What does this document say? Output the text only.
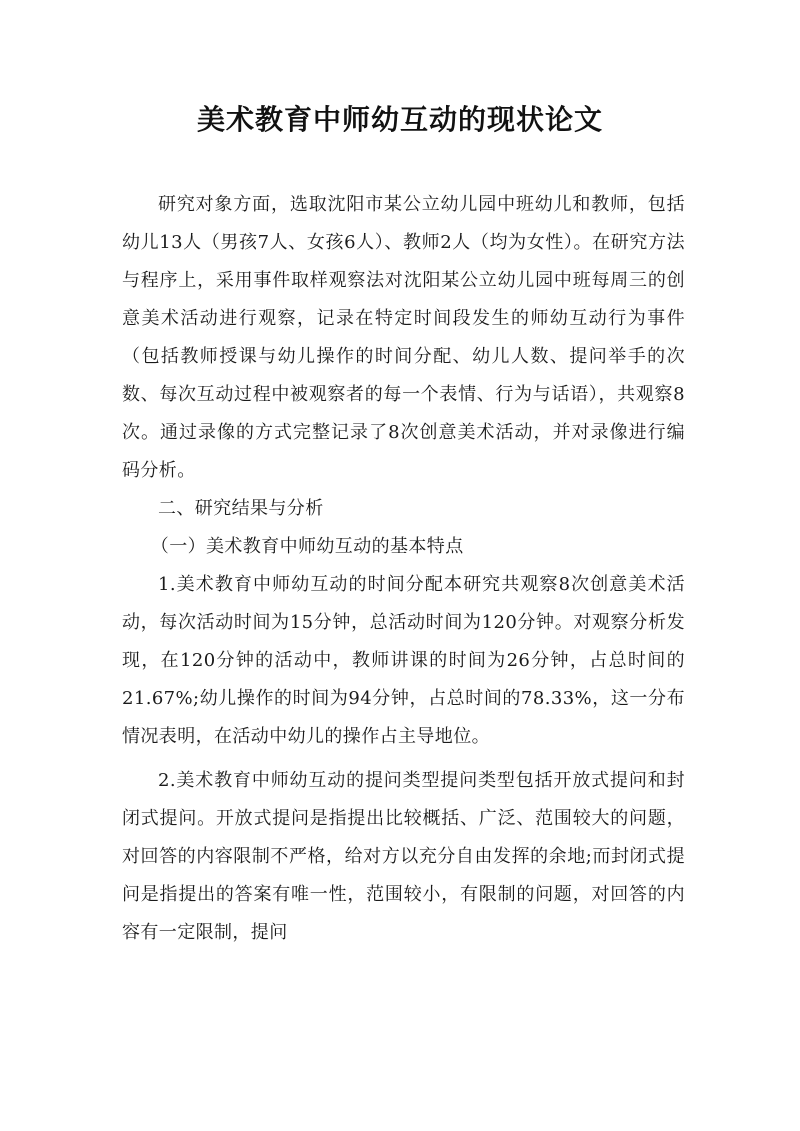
美术教育中师幼互动的现状论文

研究对象方面，选取沈阳市某公立幼儿园中班幼儿和教师，包括幼儿13人（男孩7人、女孩6人）、教师2人（均为女性）。在研究方法与程序上，采用事件取样观察法对沈阳某公立幼儿园中班每周三的创意美术活动进行观察，记录在特定时间段发生的师幼互动行为事件（包括教师授课与幼儿操作的时间分配、幼儿人数、提问举手的次数、每次互动过程中被观察者的每一个表情、行为与话语），共观察8次。通过录像的方式完整记录了8次创意美术活动，并对录像进行编码分析。

二、研究结果与分析

（一）美术教育中师幼互动的基本特点

1.美术教育中师幼互动的时间分配本研究共观察8次创意美术活动，每次活动时间为15分钟，总活动时间为120分钟。对观察分析发现，在120分钟的活动中，教师讲课的时间为26分钟，占总时间的21.67%;幼儿操作的时间为94分钟，占总时间的78.33%，这一分布情况表明，在活动中幼儿的操作占主导地位。

2.美术教育中师幼互动的提问类型提问类型包括开放式提问和封闭式提问。开放式提问是指提出比较概括、广泛、范围较大的问题，对回答的内容限制不严格，给对方以充分自由发挥的余地;而封闭式提问是指提出的答案有唯一性，范围较小，有限制的问题，对回答的内容有一定限制，提问
